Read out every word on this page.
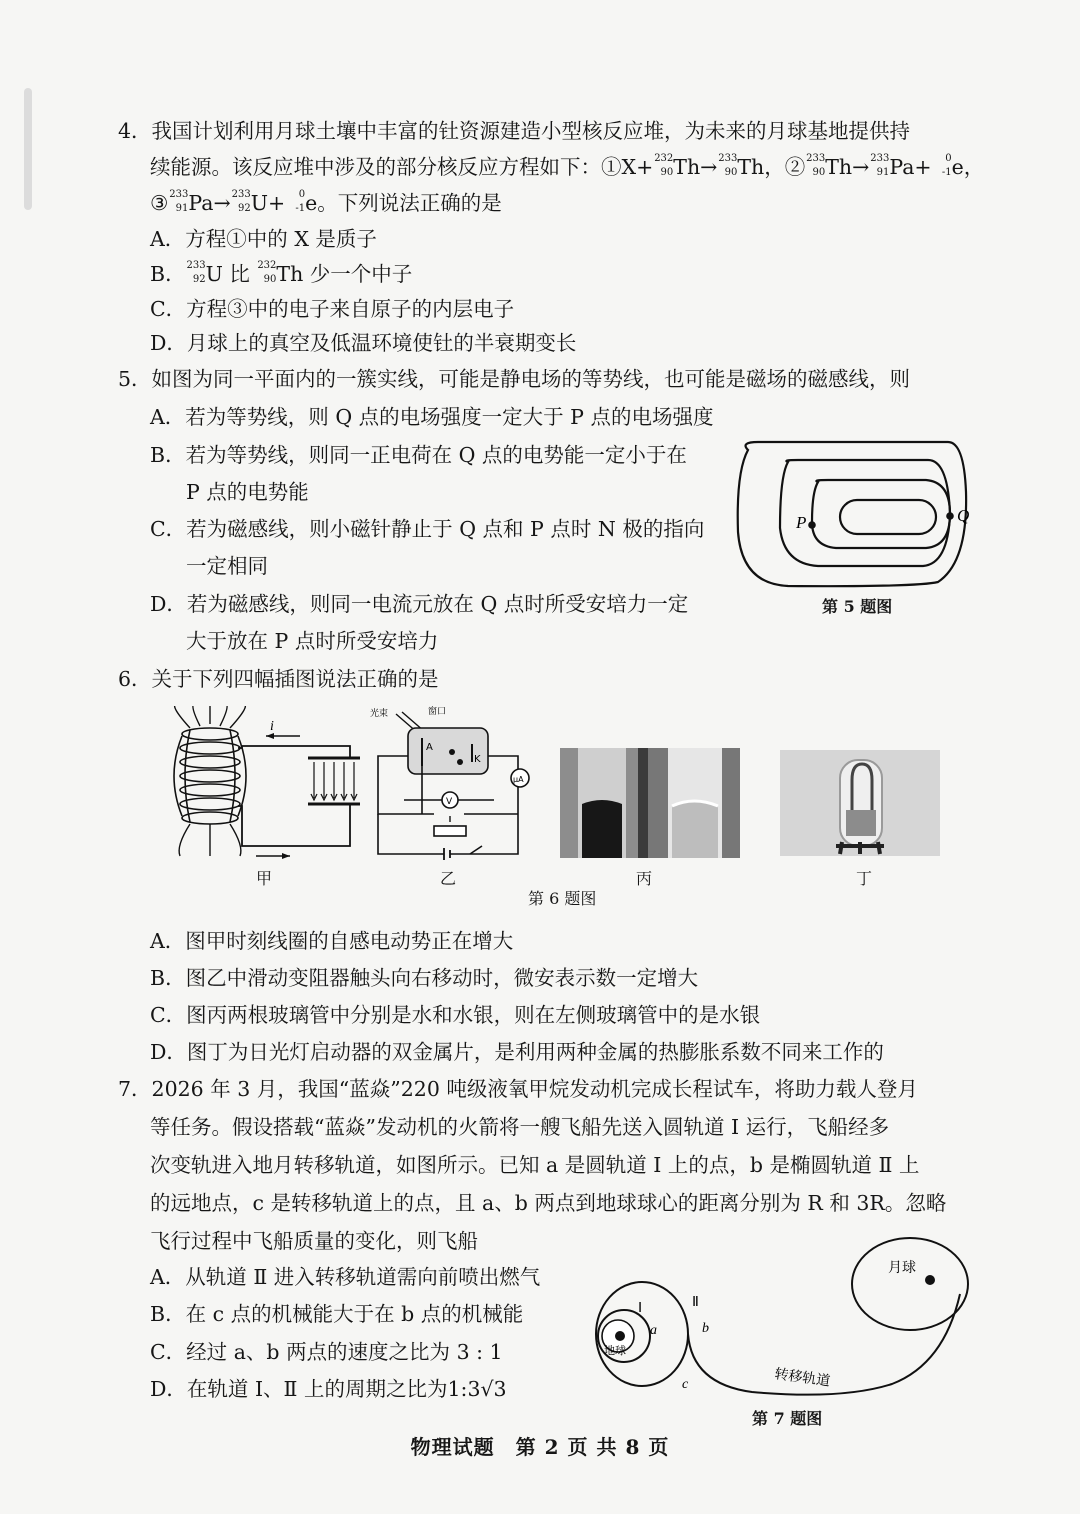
4．我国计划利用月球土壤中丰富的钍资源建造小型核反应堆，为未来的月球基地提供持
续能源。该反应堆中涉及的部分核反应方程如下：①X+ 232
90 Th→ 233
90 Th，② 233
90 Th→ 233
91 Pa+ 0
-1 e，
③ 233
91 Pa→ 233
92 U+ 0
-1 e。下列说法正确的是
A．方程①中的 X 是质子
B． 233
92 U 比 232
90 Th 少一个中子
C．方程③中的电子来自原子的内层电子
D．月球上的真空及低温环境使钍的半衰期变长
5．如图为同一平面内的一簇实线，可能是静电场的等势线，也可能是磁场的磁感线，则
A．若为等势线，则 Q 点的电场强度一定大于 P 点的电场强度
B．若为等势线，则同一正电荷在 Q 点的电势能一定小于在
P 点的电势能
C．若为磁感线，则小磁针静止于 Q 点和 P 点时 N 极的指向
一定相同
D．若为磁感线，则同一电流元放在 Q 点时所受安培力一定
大于放在 P 点时所受安培力
P	Q
第 5 题图
6．关于下列四幅插图说法正确的是
i
甲
光束	窗口
A
K
μA
V
乙	丙	丁
第 6 题图
A．图甲时刻线圈的自感电动势正在增大
B．图乙中滑动变阻器触头向右移动时，微安表示数一定增大
C．图丙两根玻璃管中分别是水和水银，则在左侧玻璃管中的是水银
D．图丁为日光灯启动器的双金属片，是利用两种金属的热膨胀系数不同来工作的
7．2026 年 3 月，我国“蓝焱”220 吨级液氧甲烷发动机完成长程试车，将助力载人登月
等任务。假设搭载“蓝焱”发动机的火箭将一艘飞船先送入圆轨道 Ⅰ 运行，飞船经多
次变轨进入地月转移轨道，如图所示。已知 a 是圆轨道 Ⅰ 上的点，b 是椭圆轨道 Ⅱ 上
的远地点，c 是转移轨道上的点，且 a、b 两点到地球球心的距离分别为 R 和 3R。忽略
飞行过程中飞船质量的变化，则飞船
A．从轨道 Ⅱ 进入转移轨道需向前喷出燃气
B．在 c 点的机械能大于在 b 点的机械能
C．经过 a、b 两点的速度之比为 3 : 1
D．在轨道 Ⅰ、Ⅱ 上的周期之比为1:3√3
月球
地球
Ⅰ	Ⅱ
a	b
c	转移轨道
第 7 题图
物理试题　第 2 页 共 8 页
